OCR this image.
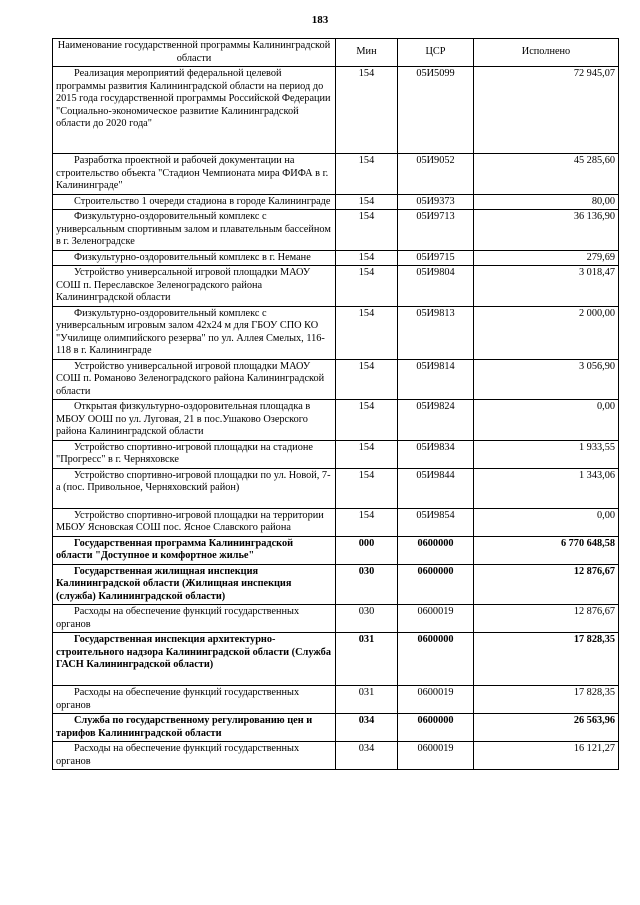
183
Наименование государственной программы Калининградской области	Мин	ЦСР	Исполнено
Реализация мероприятий федеральной целевой программы развития Калининградской области на период до 2015 года государственной программы Российской Федерации "Социально-экономическое развитие Калининградской области до 2020 года"	154	05И5099	72 945,07
Разработка проектной и рабочей документации на строительство объекта "Стадион Чемпионата мира ФИФА в г. Калининграде"	154	05И9052	45 285,60
Строительство 1 очереди стадиона в городе Калининграде	154	05И9373	80,00
Физкультурно-оздоровительный комплекс с универсальным спортивным залом и плавательным бассейном в г. Зеленоградске	154	05И9713	36 136,90
Физкультурно-оздоровительный комплекс в г. Немане	154	05И9715	279,69
Устройство универсальной игровой площадки МАОУ СОШ п. Переславское Зеленоградского района Калининградской области	154	05И9804	3 018,47
Физкультурно-оздоровительный комплекс с универсальным игровым залом 42х24 м для ГБОУ СПО КО "Училище олимпийского резерва" по ул. Аллея Смелых, 116-118 в г. Калининграде	154	05И9813	2 000,00
Устройство универсальной игровой площадки МАОУ СОШ п. Романово Зеленоградского района Калининградской области	154	05И9814	3 056,90
Открытая физкультурно-оздоровительная площадка в МБОУ ООШ по ул. Луговая, 21 в пос.Ушаково Озерского района Калининградской области	154	05И9824	0,00
Устройство спортивно-игровой площадки на стадионе "Прогресс" в г. Черняховске	154	05И9834	1 933,55
Устройство спортивно-игровой площадки по ул. Новой, 7-а (пос. Привольное, Черняховский район)	154	05И9844	1 343,06
Устройство спортивно-игровой площадки на территории МБОУ Ясновская СОШ пос. Ясное Славского района	154	05И9854	0,00
Государственная программа Калининградской области "Доступное и комфортное жилье"	000	0600000	6 770 648,58
Государственная жилищная инспекция Калининградской области (Жилищная инспекция (служба) Калининградской области)	030	0600000	12 876,67
Расходы на обеспечение функций государственных органов	030	0600019	12 876,67
Государственная инспекция архитектурно-строительного надзора Калининградской области (Служба ГАСН Калининградской области)	031	0600000	17 828,35
Расходы на обеспечение функций государственных органов	031	0600019	17 828,35
Служба по государственному регулированию цен и тарифов Калининградской области	034	0600000	26 563,96
Расходы на обеспечение функций государственных органов	034	0600019	16 121,27
